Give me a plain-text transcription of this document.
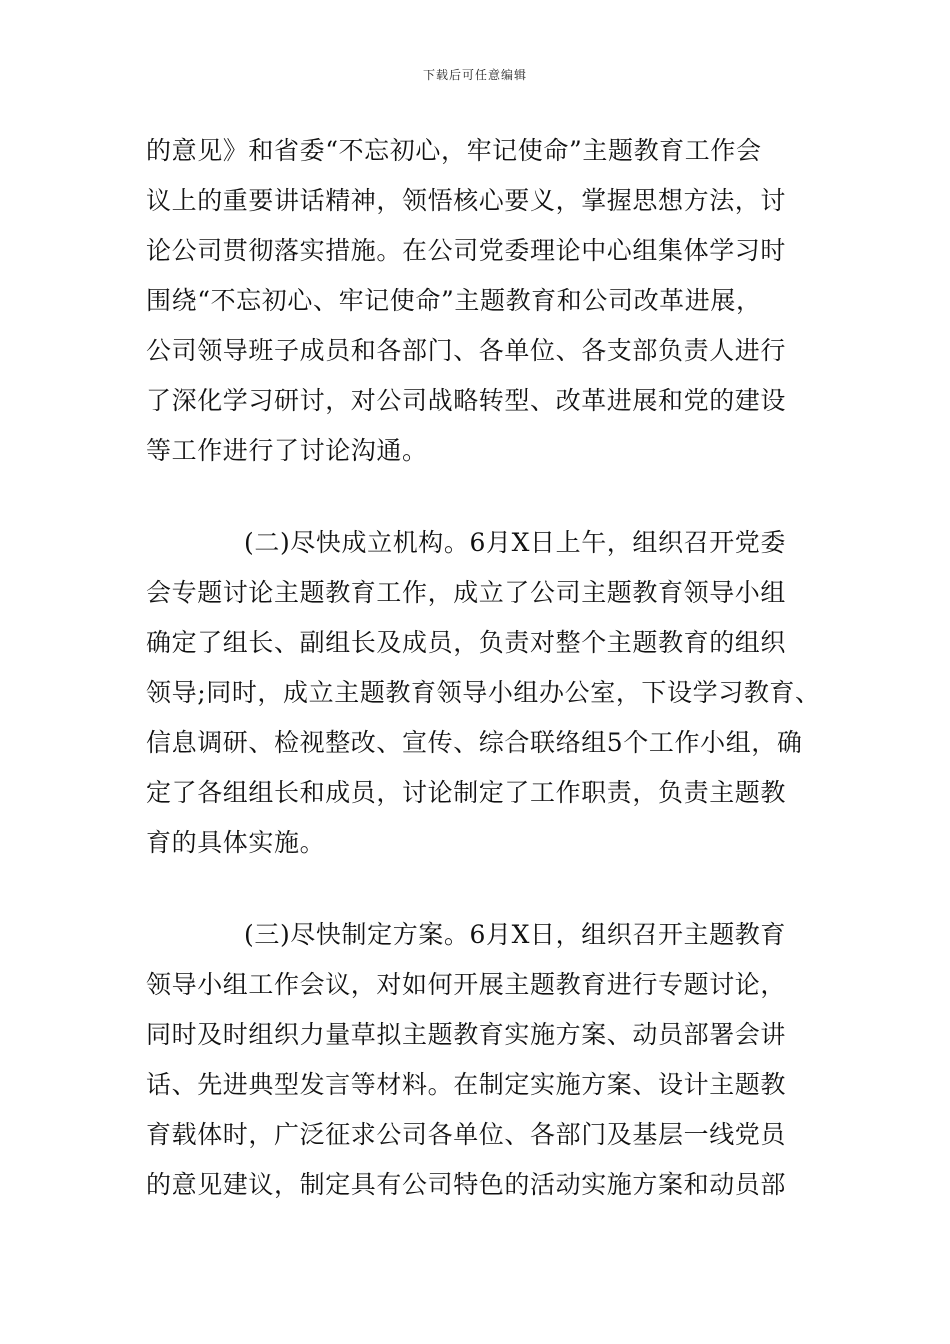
下载后可任意编辑
的意见》和省委“不忘初心，牢记使命”主题教育工作会
议上的重要讲话精神，领悟核心要义，掌握思想方法，讨
论公司贯彻落实措施。在公司党委理论中心组集体学习时
围绕“不忘初心、牢记使命”主题教育和公司改革进展，
公司领导班子成员和各部门、各单位、各支部负责人进行
了深化学习研讨，对公司战略转型、改革进展和党的建设
等工作进行了讨论沟通。
(二)尽快成立机构。6月X日上午，组织召开党委
会专题讨论主题教育工作，成立了公司主题教育领导小组
确定了组长、副组长及成员，负责对整个主题教育的组织
领导;同时，成立主题教育领导小组办公室，下设学习教育、
信息调研、检视整改、宣传、综合联络组5个工作小组，确
定了各组组长和成员，讨论制定了工作职责，负责主题教
育的具体实施。
(三)尽快制定方案。6月X日，组织召开主题教育
领导小组工作会议，对如何开展主题教育进行专题讨论，
同时及时组织力量草拟主题教育实施方案、动员部署会讲
话、先进典型发言等材料。在制定实施方案、设计主题教
育载体时，广泛征求公司各单位、各部门及基层一线党员
的意见建议，制定具有公司特色的活动实施方案和动员部
